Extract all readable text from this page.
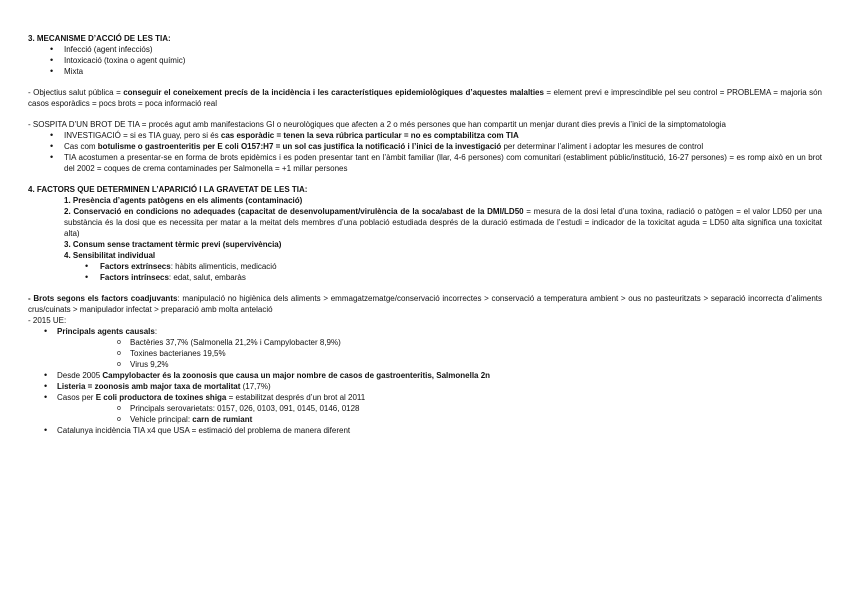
3. MECANISME D’ACCIÓ DE LES TIA:

• Infecció (agent infecciós)
• Intoxicació (toxina o agent químic)
• Mixta

- Objectius salut pública = conseguir el coneixement precís de la incidència i les característiques epidemiològiques d’aquestes malalties = element previ e imprescindible pel seu control = PROBLEMA = majoria són casos esporàdics = pocs brots = poca informació real

- SOSPITA D’UN BROT DE TIA = procés agut amb manifestacions GI o neurològiques que afecten a 2 o més persones que han compartit un menjar durant dies previs a l’inici de la simptomatologia

• INVESTIGACIÓ = si es TIA guay, pero si és cas esporàdic = tenen la seva rúbrica particular = no es comptabilitza com TIA
• Cas com botulisme o gastroenteritis per E coli O157:H7 = un sol cas justifica la notificació i l’inici de la investigació per determinar l’aliment i adoptar les mesures de control
• TIA acostumen a presentar-se en forma de brots epidèmics i es poden presentar tant en l’àmbit familiar (llar, 4-6 persones) com comunitari (establiment públic/institució, 16-27 persones) = es romp això en un brot del 2002 = coques de crema contaminades per Salmonella = +1 millar persones

4. FACTORS QUE DETERMINEN L’APARICIÓ I LA GRAVETAT DE LES TIA:

1. Presència d’agents patògens en els aliments (contaminació)
2. Conservació en condicions no adequades (capacitat de desenvolupament/virulència de la soca/abast de la DMI/LD50 = mesura de la dosi letal d’una toxina, radiació o patògen = el valor LD50 per una substància és la dosi que es necessita per matar a la meitat dels membres d’una població estudiada després de la duració estimada de l’estudi = indicador de la toxicitat aguda = LD50 alta significa una toxicitat alta)
3. Consum sense tractament tèrmic previ (supervivència)
4. Sensibilitat individual
• Factors extrínsecs: hàbits alimenticis, medicació
• Factors intrínsecs: edat, salut, embaràs

- Brots segons els factors coadjuvants: manipulació no higiènica dels aliments > emmagatzematge/conservació incorrectes > conservació a temperatura ambient > ous no pasteuritzats > separació incorrecta d’aliments crus/cuinats > manipulador infectat > preparació amb molta antelació

- 2015 UE:

• Principals agents causals:
o Bactèries 37,7% (Salmonella 21,2% i Campylobacter 8,9%)
o Toxines bacterianes 19,5%
o Virus 9,2%
• Desde 2005 Campylobacter és la zoonosis que causa un major nombre de casos de gastroenteritis, Salmonella 2n
• Listeria = zoonosis amb major taxa de mortalitat (17,7%)
• Casos per E coli productora de toxines shiga = estabilitzat després d’un brot al 2011
o Principals serovarietats: 0157, 026, 0103, 091, 0145, 0146, 0128
o Vehicle principal: carn de rumiant
• Catalunya incidència TIA x4 que USA = estimació del problema de manera diferent
